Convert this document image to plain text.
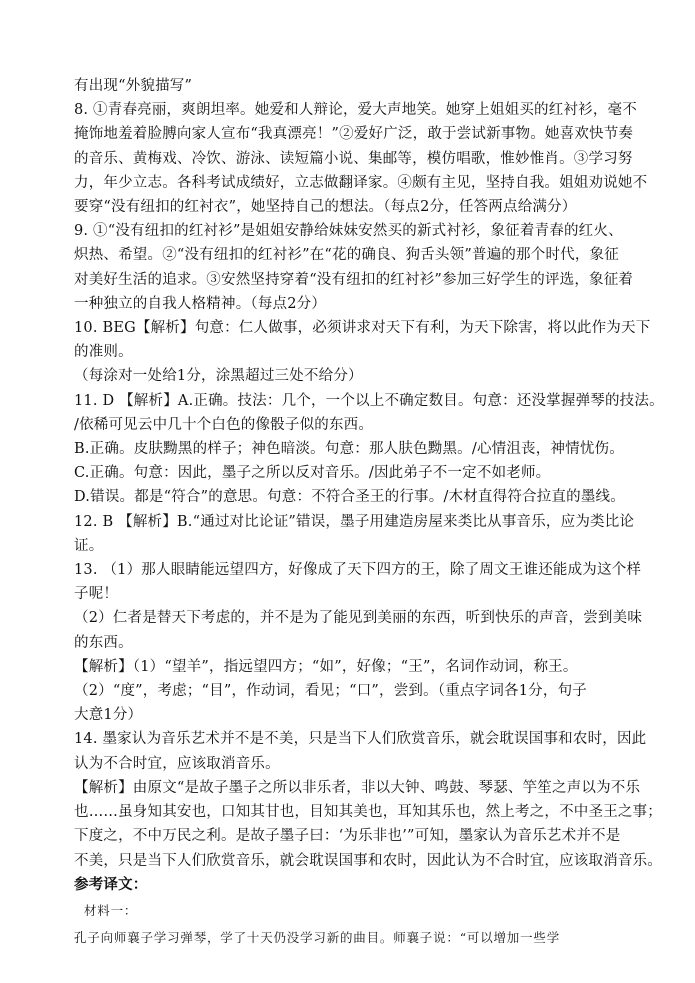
有出现“外貌描写”
8. ①青春亮丽，爽朗坦率。她爱和人辩论，爱大声地笑。她穿上姐姐买的红衬衫，毫不
掩饰地羞着脸膊向家人宣布“我真漂亮！”②爱好广泛，敢于尝试新事物。她喜欢快节奏
的音乐、黄梅戏、冷饮、游泳、读短篇小说、集邮等，模仿唱歌，惟妙惟肖。③学习努
力，年少立志。各科考试成绩好，立志做翻译家。④颇有主见，坚持自我。姐姐劝说她不
要穿“没有纽扣的红衬衣”，她坚持自己的想法。（每点2分，任答两点给满分）
9. ①“没有纽扣的红衬衫”是姐姐安静给妹妹安然买的新式衬衫，象征着青春的红火、
炽热、希望。②“没有纽扣的红衬衫”在“花的确良、狗舌头领”普遍的那个时代，象征
对美好生活的追求。③安然坚持穿着“没有纽扣的红衬衫”参加三好学生的评选，象征着
一种独立的自我人格精神。（每点2分）
10. BEG【解析】句意：仁人做事，必须讲求对天下有利，为天下除害，将以此作为天下
的准则。
（每涂对一处给1分，涂黑超过三处不给分）
11. D 【解析】A.正确。技法：几个，一个以上不确定数目。句意：还没掌握弹琴的技法。
/依稀可见云中几十个白色的像骰子似的东西。
B.正确。皮肤黝黑的样子；神色暗淡。句意：那人肤色黝黑。/心情沮丧，神情忧伤。
C.正确。句意：因此，墨子之所以反对音乐。/因此弟子不一定不如老师。
D.错误。都是“符合”的意思。句意：不符合圣王的行事。/木材直得符合拉直的墨线。
12. B 【解析】B.“通过对比论证”错误，墨子用建造房屋来类比从事音乐，应为类比论
证。
13. （1）那人眼睛能远望四方，好像成了天下四方的王，除了周文王谁还能成为这个样
子呢！
（2）仁者是替天下考虑的，并不是为了能见到美丽的东西，听到快乐的声音，尝到美味
的东西。
【解析】（1）“望羊”，指远望四方；“如”，好像；“王”，名词作动词，称王。
（2）“度”，考虑；“目”，作动词，看见；“口”，尝到。（重点字词各1分，句子
大意1分）
14. 墨家认为音乐艺术并不是不美，只是当下人们欣赏音乐，就会耽误国事和农时，因此
认为不合时宜，应该取消音乐。
【解析】由原文“是故子墨子之所以非乐者，非以大钟、鸣鼓、琴瑟、竽笙之声以为不乐
也……虽身知其安也，口知其甘也，目知其美也，耳知其乐也，然上考之，不中圣王之事；
下度之，不中万民之利。是故子墨子曰：‘为乐非也’”可知，墨家认为音乐艺术并不是
不美，只是当下人们欣赏音乐，就会耽误国事和农时，因此认为不合时宜，应该取消音乐。
参考译文：
材料一：
孔子向师襄子学习弹琴，学了十天仍没学习新的曲目。师襄子说：“可以增加一些学
